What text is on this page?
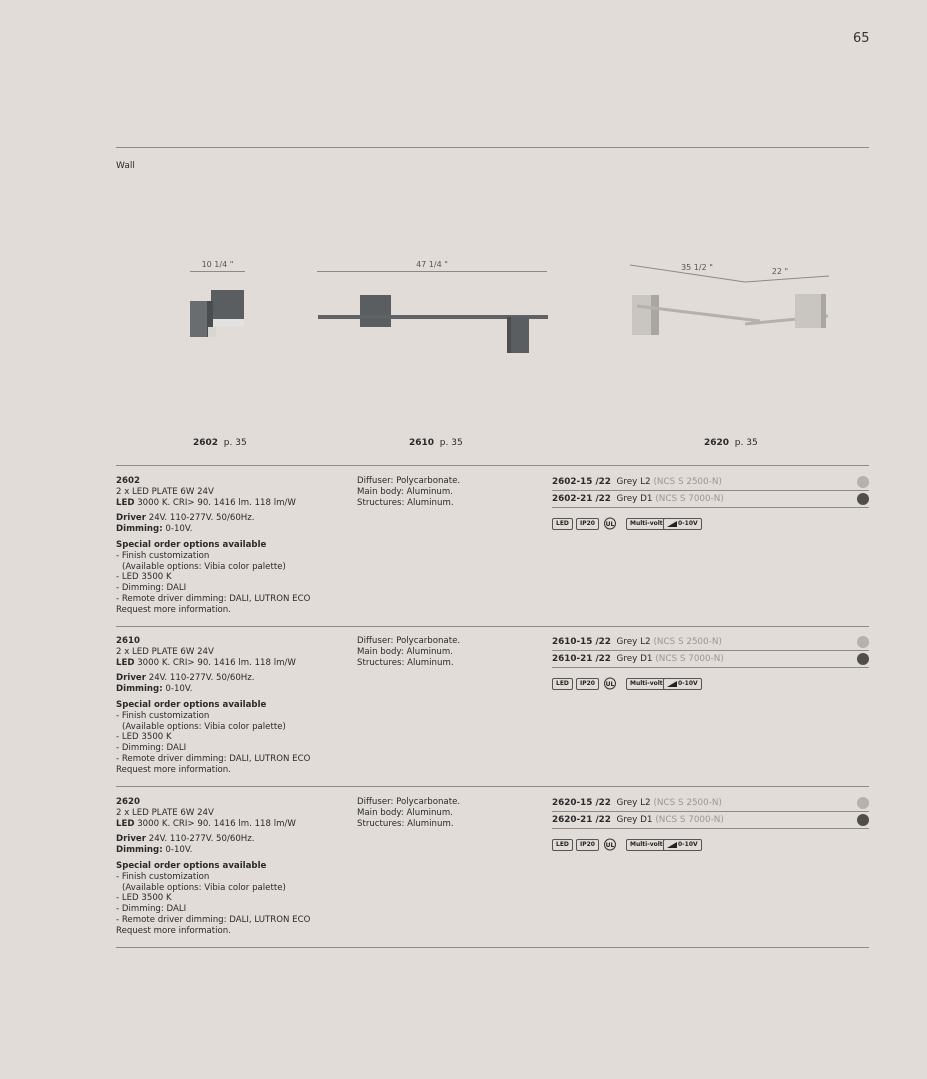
65
Wall
10 1/4 "
2602 p. 35
47 1/4 "
2610 p. 35
35 1/2 "	22 "
2620 p. 35
2602
2 x LED PLATE 6W 24V
LED 3000 K. CRI> 90. 1416 lm. 118 lm/W
Driver 24V. 110-277V. 50/60Hz.
Dimming: 0-10V.
Special order options available
- Finish customization
(Available options: Vibia color palette)
- LED 3500 K
- Dimming: DALI
- Remote driver dimming: DALI, LUTRON ECO
Request more information.
Diffuser: Polycarbonate.
Main body: Aluminum.
Structures: Aluminum.
2602-15 /22 Grey L2 (NCS S 2500-N)
2602-21 /22 Grey D1 (NCS S 7000-N)
LED	IP20	UL	Multi-volt	0-10V
2610
2 x LED PLATE 6W 24V
LED 3000 K. CRI> 90. 1416 lm. 118 lm/W
Driver 24V. 110-277V. 50/60Hz.
Dimming: 0-10V.
Special order options available
- Finish customization
(Available options: Vibia color palette)
- LED 3500 K
- Dimming: DALI
- Remote driver dimming: DALI, LUTRON ECO
Request more information.
Diffuser: Polycarbonate.
Main body: Aluminum.
Structures: Aluminum.
2610-15 /22 Grey L2 (NCS S 2500-N)
2610-21 /22 Grey D1 (NCS S 7000-N)
LED	IP20	UL	Multi-volt	0-10V
2620
2 x LED PLATE 6W 24V
LED 3000 K. CRI> 90. 1416 lm. 118 lm/W
Driver 24V. 110-277V. 50/60Hz.
Dimming: 0-10V.
Special order options available
- Finish customization
(Available options: Vibia color palette)
- LED 3500 K
- Dimming: DALI
- Remote driver dimming: DALI, LUTRON ECO
Request more information.
Diffuser: Polycarbonate.
Main body: Aluminum.
Structures: Aluminum.
2620-15 /22 Grey L2 (NCS S 2500-N)
2620-21 /22 Grey D1 (NCS S 7000-N)
LED	IP20	UL	Multi-volt	0-10V
